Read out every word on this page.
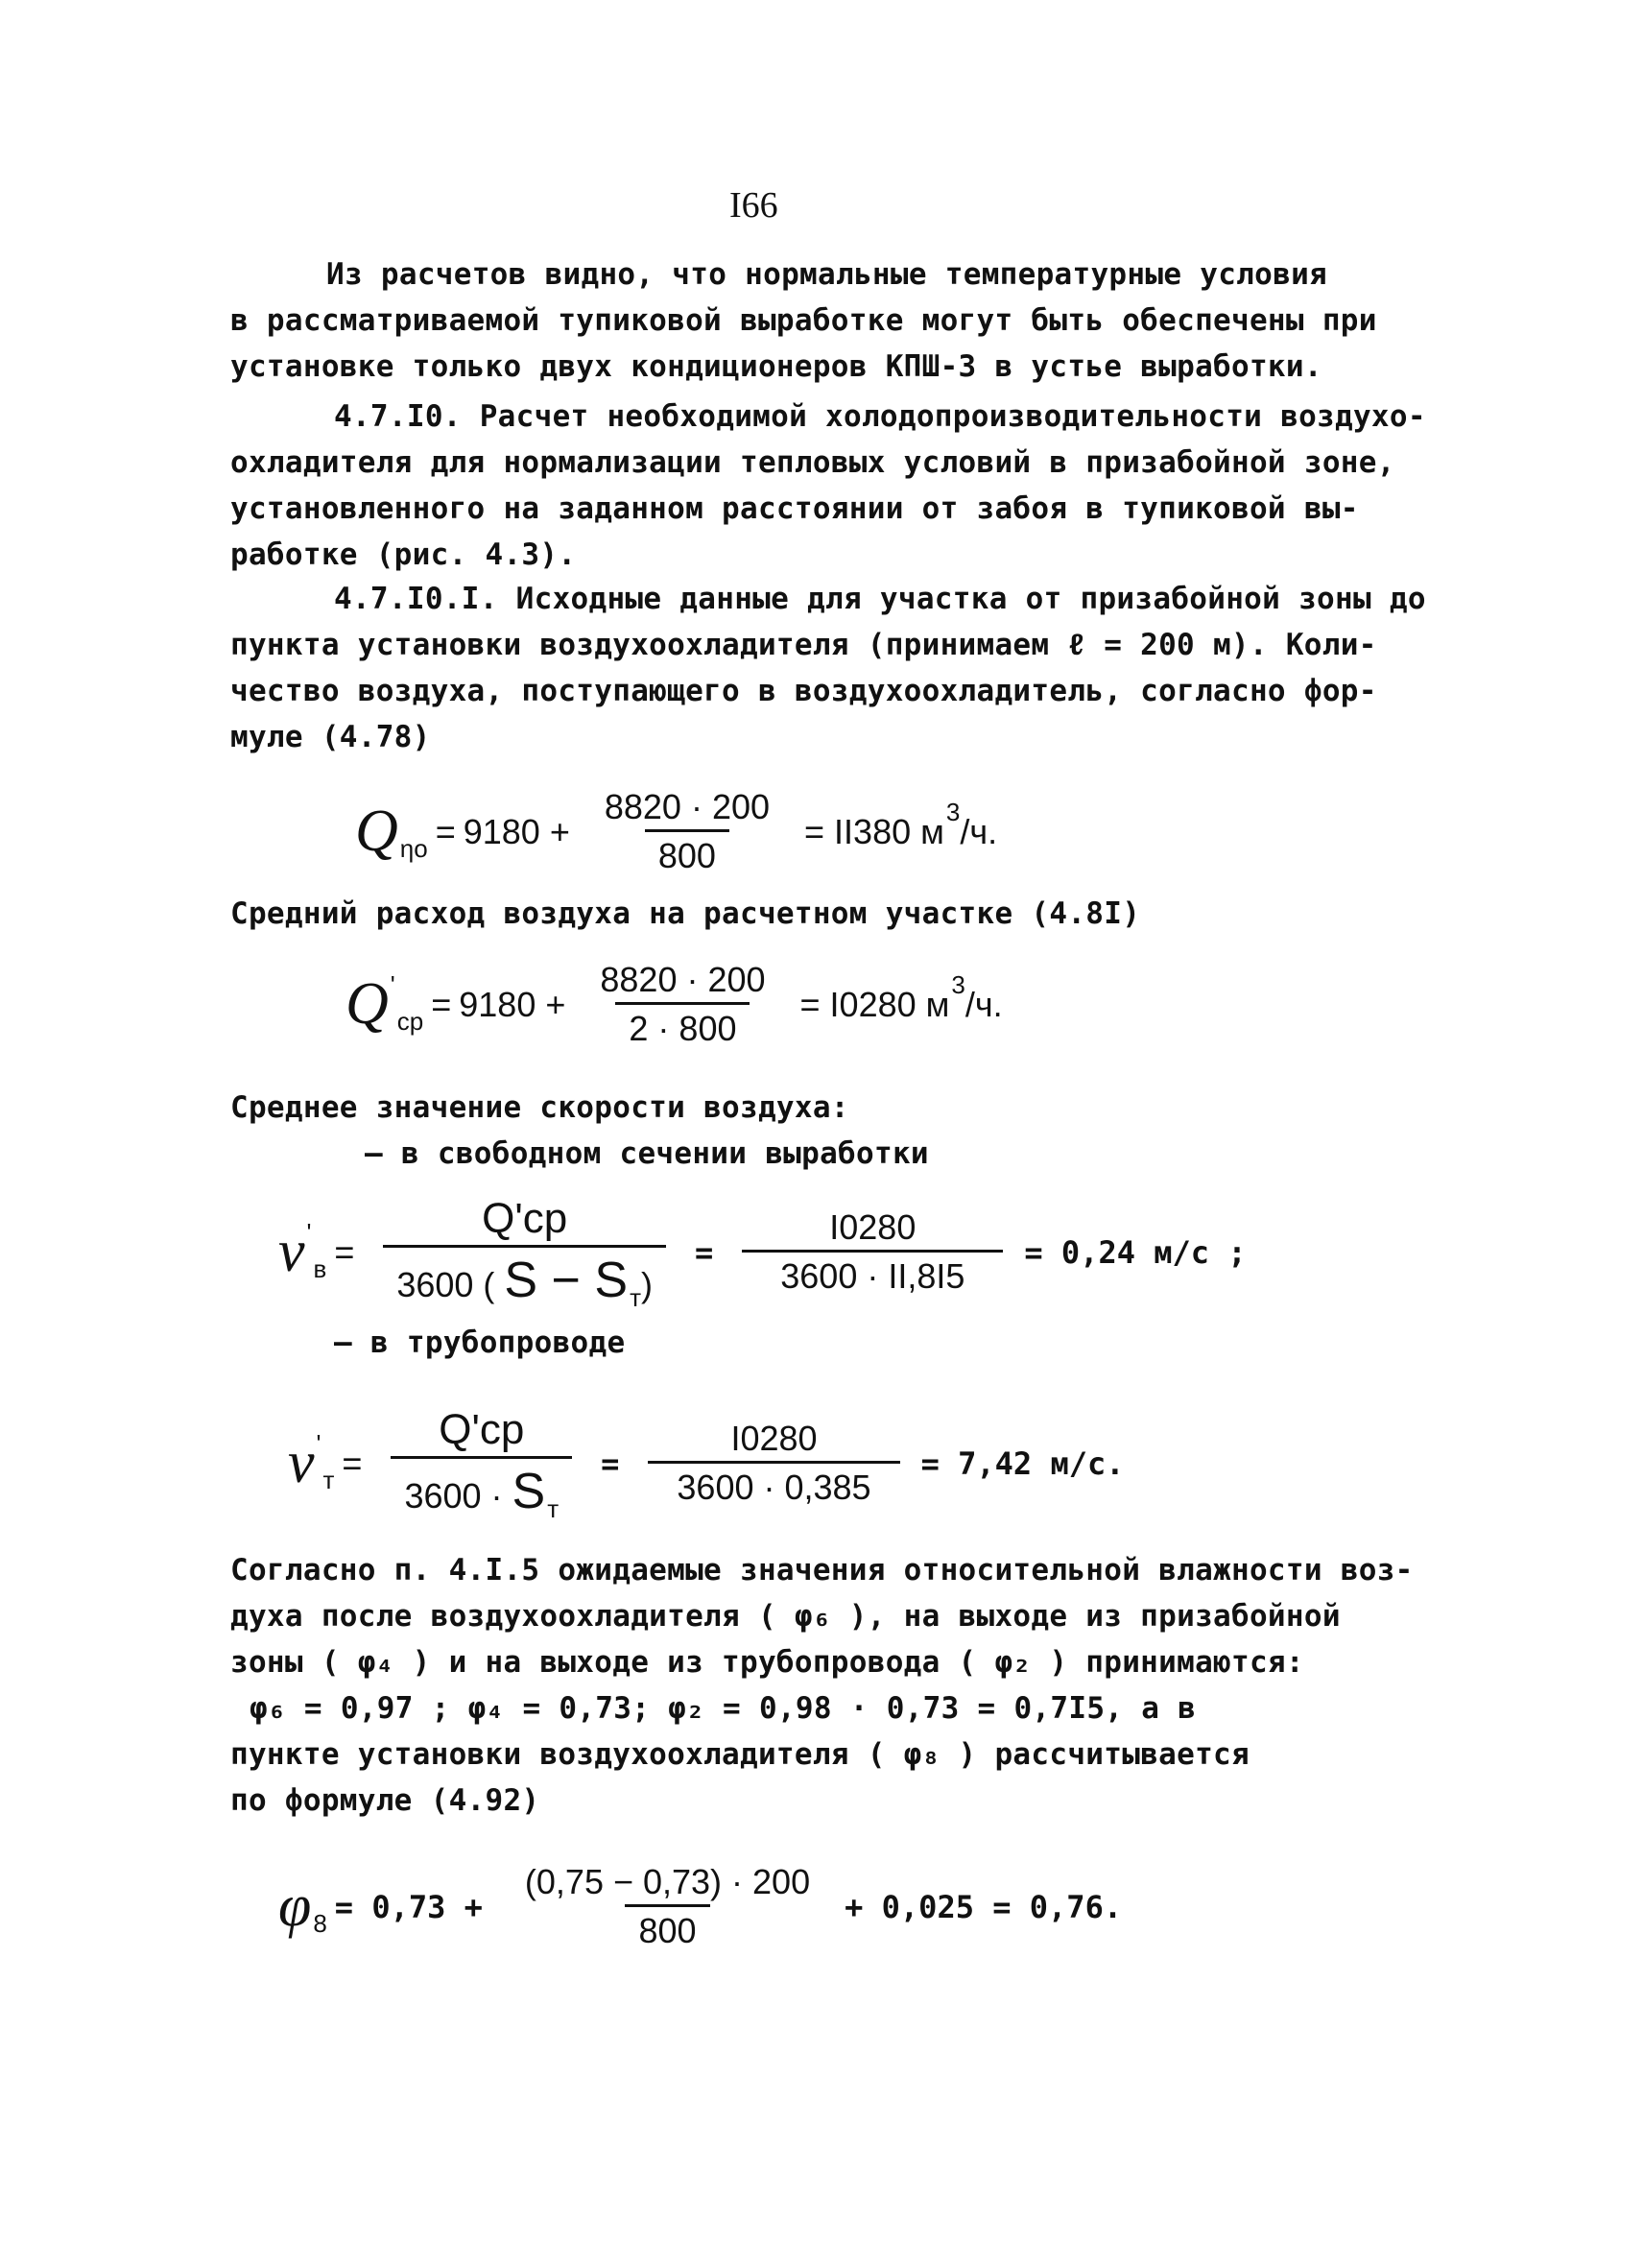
I66
Из расчетов видно, что нормальные температурные условия
в рассматриваемой тупиковой выработке могут быть обеспечены при
установке только двух кондиционеров КПШ-3 в устье выработки.
4.7.I0. Расчет необходимой холодопроизводительности воздухо-
охладителя для нормализации тепловых условий в призабойной зоне,
установленного на заданном расстоянии от забоя в тупиковой вы-
работке (рис. 4.3).
4.7.I0.I. Исходные данные для участка от призабойной зоны до
пункта установки воздухоохладителя (принимаем ℓ = 200 м). Коли-
чество воздуха, поступающего в воздухоохладитель, согласно фор-
муле (4.78)
Q $\eta o = 9180 + \frac{8820 \cdot 200}{800} = II380$ м 3 /ч.
Средний расход воздуха на расчетном участке (4.8I)
Q '
ср = $9180 + \frac{8820 \cdot 200}{2 \cdot 800} = I0280$ м 3 /ч.
Среднее значение скорости воздуха:
– в свободном сечении выработки
v '
$в = \frac{Q'ср}{3600 ( S - S_т)} = \frac{I0280}{3600 \cdot II,8I5} = 0,24$ м/с ;
– в трубопроводе
v '
$т = \frac{Q'ср}{3600 \cdot S_т} = \frac{I0280}{3600 \cdot 0,385} = 7,42$ м/с.
Согласно п. 4.I.5 ожидаемые значения относительной влажности воз-
духа после воздухоохладителя ( φ₆ ), на выходе из призабойной
зоны ( φ₄ ) и на выходе из трубопровода ( φ₂ ) принимаются:
φ₆ = 0,97 ; φ₄ = 0,73; φ₂ = 0,98 · 0,73 = 0,7I5, а в
пункте установки воздухоохладителя ( φ₈ ) рассчитывается
по формуле (4.92)
φ $8 = 0,73 + \frac{(0,75 - 0,73) \cdot 200}{800} + 0,025 = 0,76$.
